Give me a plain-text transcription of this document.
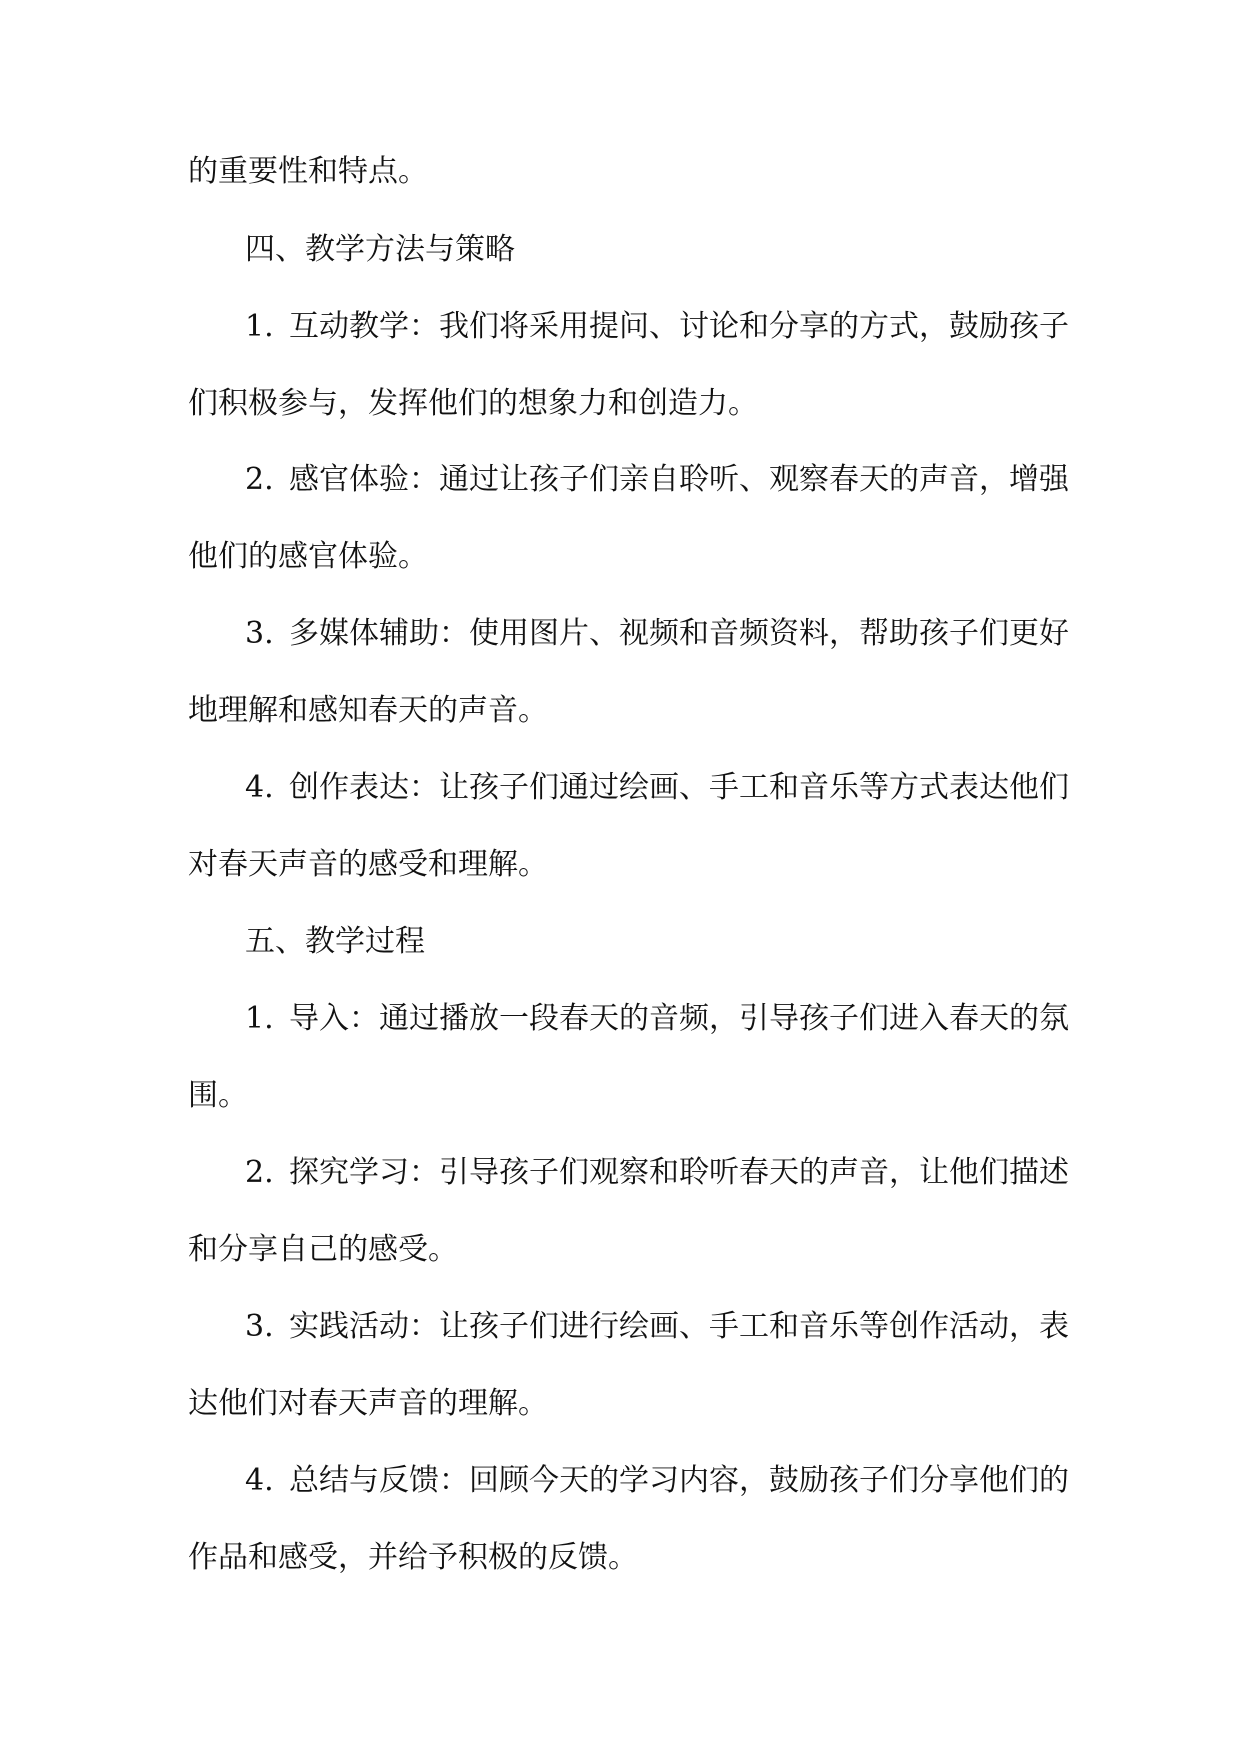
的重要性和特点。
四、教学方法与策略
1. 互动教学：我们将采用提问、讨论和分享的方式，鼓励孩子
们积极参与，发挥他们的想象力和创造力。
2. 感官体验：通过让孩子们亲自聆听、观察春天的声音，增强
他们的感官体验。
3. 多媒体辅助：使用图片、视频和音频资料，帮助孩子们更好
地理解和感知春天的声音。
4. 创作表达：让孩子们通过绘画、手工和音乐等方式表达他们
对春天声音的感受和理解。
五、教学过程
1. 导入：通过播放一段春天的音频，引导孩子们进入春天的氛
围。
2. 探究学习：引导孩子们观察和聆听春天的声音，让他们描述
和分享自己的感受。
3. 实践活动：让孩子们进行绘画、手工和音乐等创作活动，表
达他们对春天声音的理解。
4. 总结与反馈：回顾今天的学习内容，鼓励孩子们分享他们的
作品和感受，并给予积极的反馈。
